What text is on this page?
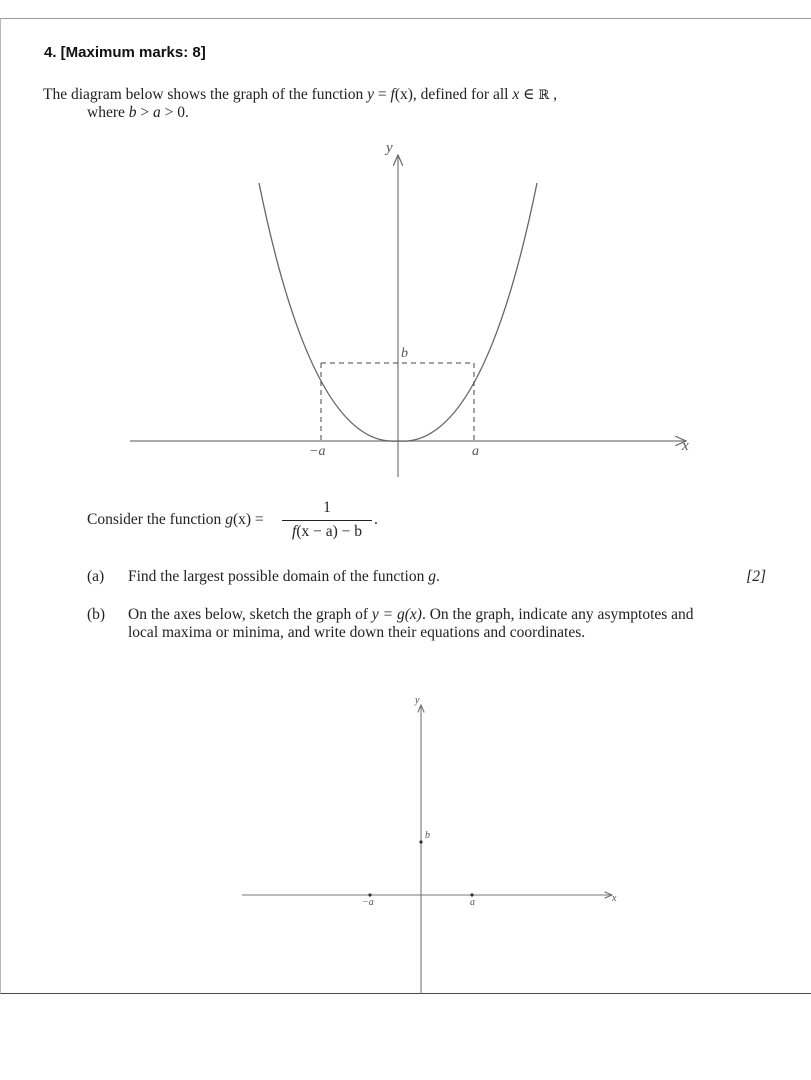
4. [Maximum marks: 8]
The diagram below shows the graph of the function y = f(x), defined for all x ∈ ℝ ,
where b > a > 0.
y
x
b
−a	a
Consider the function g(x) =
1
f(x − a) − b
.
(a) Find the largest possible domain of the function g.	[2]
(b) On the axes below, sketch the graph of y = g(x). On the graph, indicate any asymptotes and
local maxima or minima, and write down their equations and coordinates.
y
x
b
−a	a
